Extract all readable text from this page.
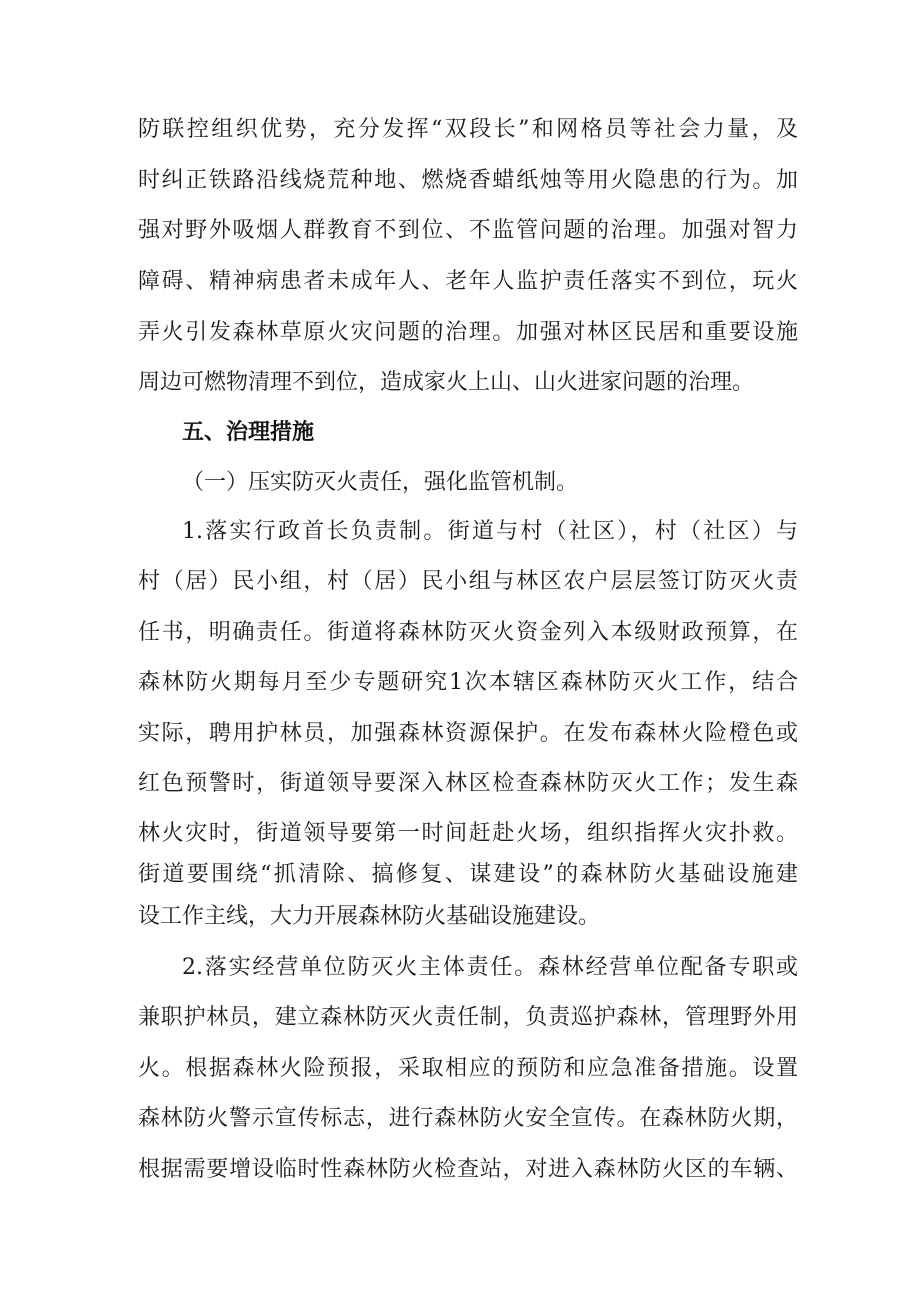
防联控组织优势，充分发挥“双段长”和网格员等社会力量，及
时纠正铁路沿线烧荒种地、燃烧香蜡纸烛等用火隐患的行为。加
强对野外吸烟人群教育不到位、不监管问题的治理。加强对智力
障碍、精神病患者未成年人、老年人监护责任落实不到位，玩火
弄火引发森林草原火灾问题的治理。加强对林区民居和重要设施
周边可燃物清理不到位，造成家火上山、山火进家问题的治理。
五、治理措施
（一）压实防灭火责任，强化监管机制。
1.落实行政首长负责制。街道与村（社区），村（社区）与
村（居）民小组，村（居）民小组与林区农户层层签订防灭火责
任书，明确责任。街道将森林防灭火资金列入本级财政预算，在
森林防火期每月至少专题研究1次本辖区森林防灭火工作，结合
实际，聘用护林员，加强森林资源保护。在发布森林火险橙色或
红色预警时，街道领导要深入林区检查森林防灭火工作；发生森
林火灾时，街道领导要第一时间赶赴火场，组织指挥火灾扑救。
街道要围绕“抓清除、搞修复、谋建设”的森林防火基础设施建
设工作主线，大力开展森林防火基础设施建设。
2.落实经营单位防灭火主体责任。森林经营单位配备专职或
兼职护林员，建立森林防灭火责任制，负责巡护森林，管理野外用
火。根据森林火险预报，采取相应的预防和应急准备措施。设置
森林防火警示宣传标志，进行森林防火安全宣传。在森林防火期，
根据需要增设临时性森林防火检查站，对进入森林防火区的车辆、
